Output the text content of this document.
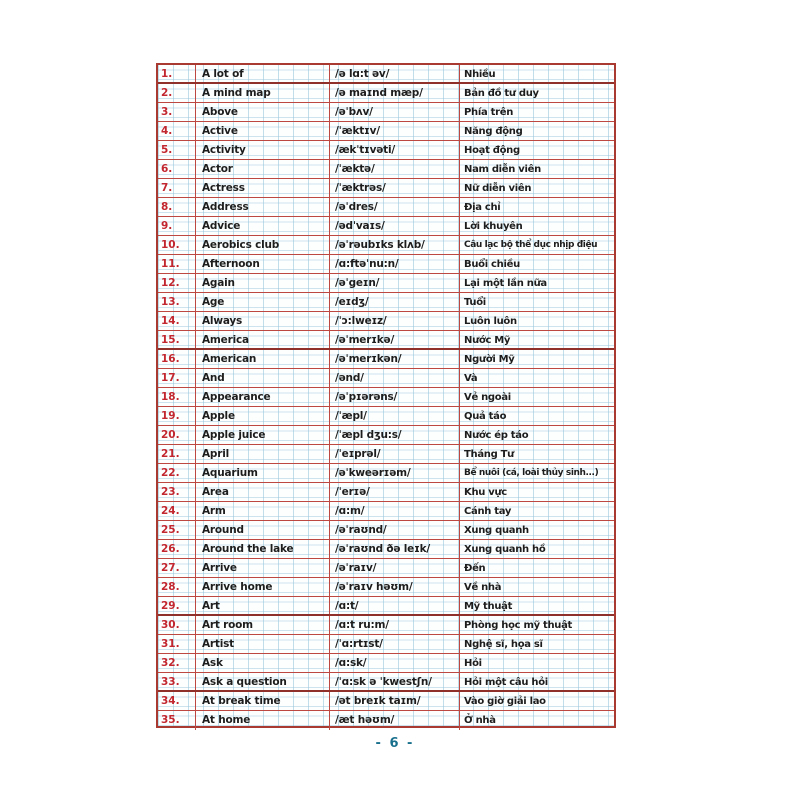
1.	A lot of	/ə lɑ:t əv/	Nhiều
2.	A mind map	/ə maɪnd mæp/	Bản đồ tư duy
3.	Above	/əˈbʌv/	Phía trên
4.	Active	/ˈæktɪv/	Năng động
5.	Activity	/ækˈtɪvəti/	Hoạt động
6.	Actor	/ˈæktə/	Nam diễn viên
7.	Actress	/ˈæktrəs/	Nữ diễn viên
8.	Address	/əˈdres/	Địa chỉ
9.	Advice	/ədˈvaɪs/	Lời khuyên
10.	Aerobics club	/əˈrəubɪks klʌb/	Câu lạc bộ thể dục nhịp điệu
11.	Afternoon	/ɑ:ftəˈnu:n/	Buổi chiều
12.	Again	/əˈgeɪn/	Lại một lần nữa
13.	Age	/eɪdʒ/	Tuổi
14.	Always	/ˈɔ:lweɪz/	Luôn luôn
15.	America	/əˈmerɪkə/	Nước Mỹ
16.	American	/əˈmerɪkən/	Người Mỹ
17.	And	/ənd/	Và
18.	Appearance	/əˈpɪərəns/	Vẻ ngoài
19.	Apple	/ˈæpl/	Quả táo
20.	Apple juice	/ˈæpl dʒu:s/	Nước ép táo
21.	April	/ˈeɪprəl/	Tháng Tư
22.	Aquarium	/əˈkweərɪəm/	Bể nuôi (cá, loài thủy sinh...)
23.	Area	/ˈerɪə/	Khu vực
24.	Arm	/ɑ:m/	Cánh tay
25.	Around	/əˈraʊnd/	Xung quanh
26.	Around the lake	/əˈraʊnd ðə leɪk/	Xung quanh hồ
27.	Arrive	/əˈraɪv/	Đến
28.	Arrive home	/əˈraɪv həʊm/	Về nhà
29.	Art	/ɑ:t/	Mỹ thuật
30.	Art room	/ɑ:t ru:m/	Phòng học mỹ thuật
31.	Artist	/ˈɑ:rtɪst/	Nghệ sĩ, họa sĩ
32.	Ask	/ɑ:sk/	Hỏi
33.	Ask a question	/ˈɑ:sk ə ˈkwestʃn/	Hỏi một câu hỏi
34.	At break time	/ət breɪk taɪm/	Vào giờ giải lao
35.	At home	/æt həʊm/	Ở nhà
- 6 -
